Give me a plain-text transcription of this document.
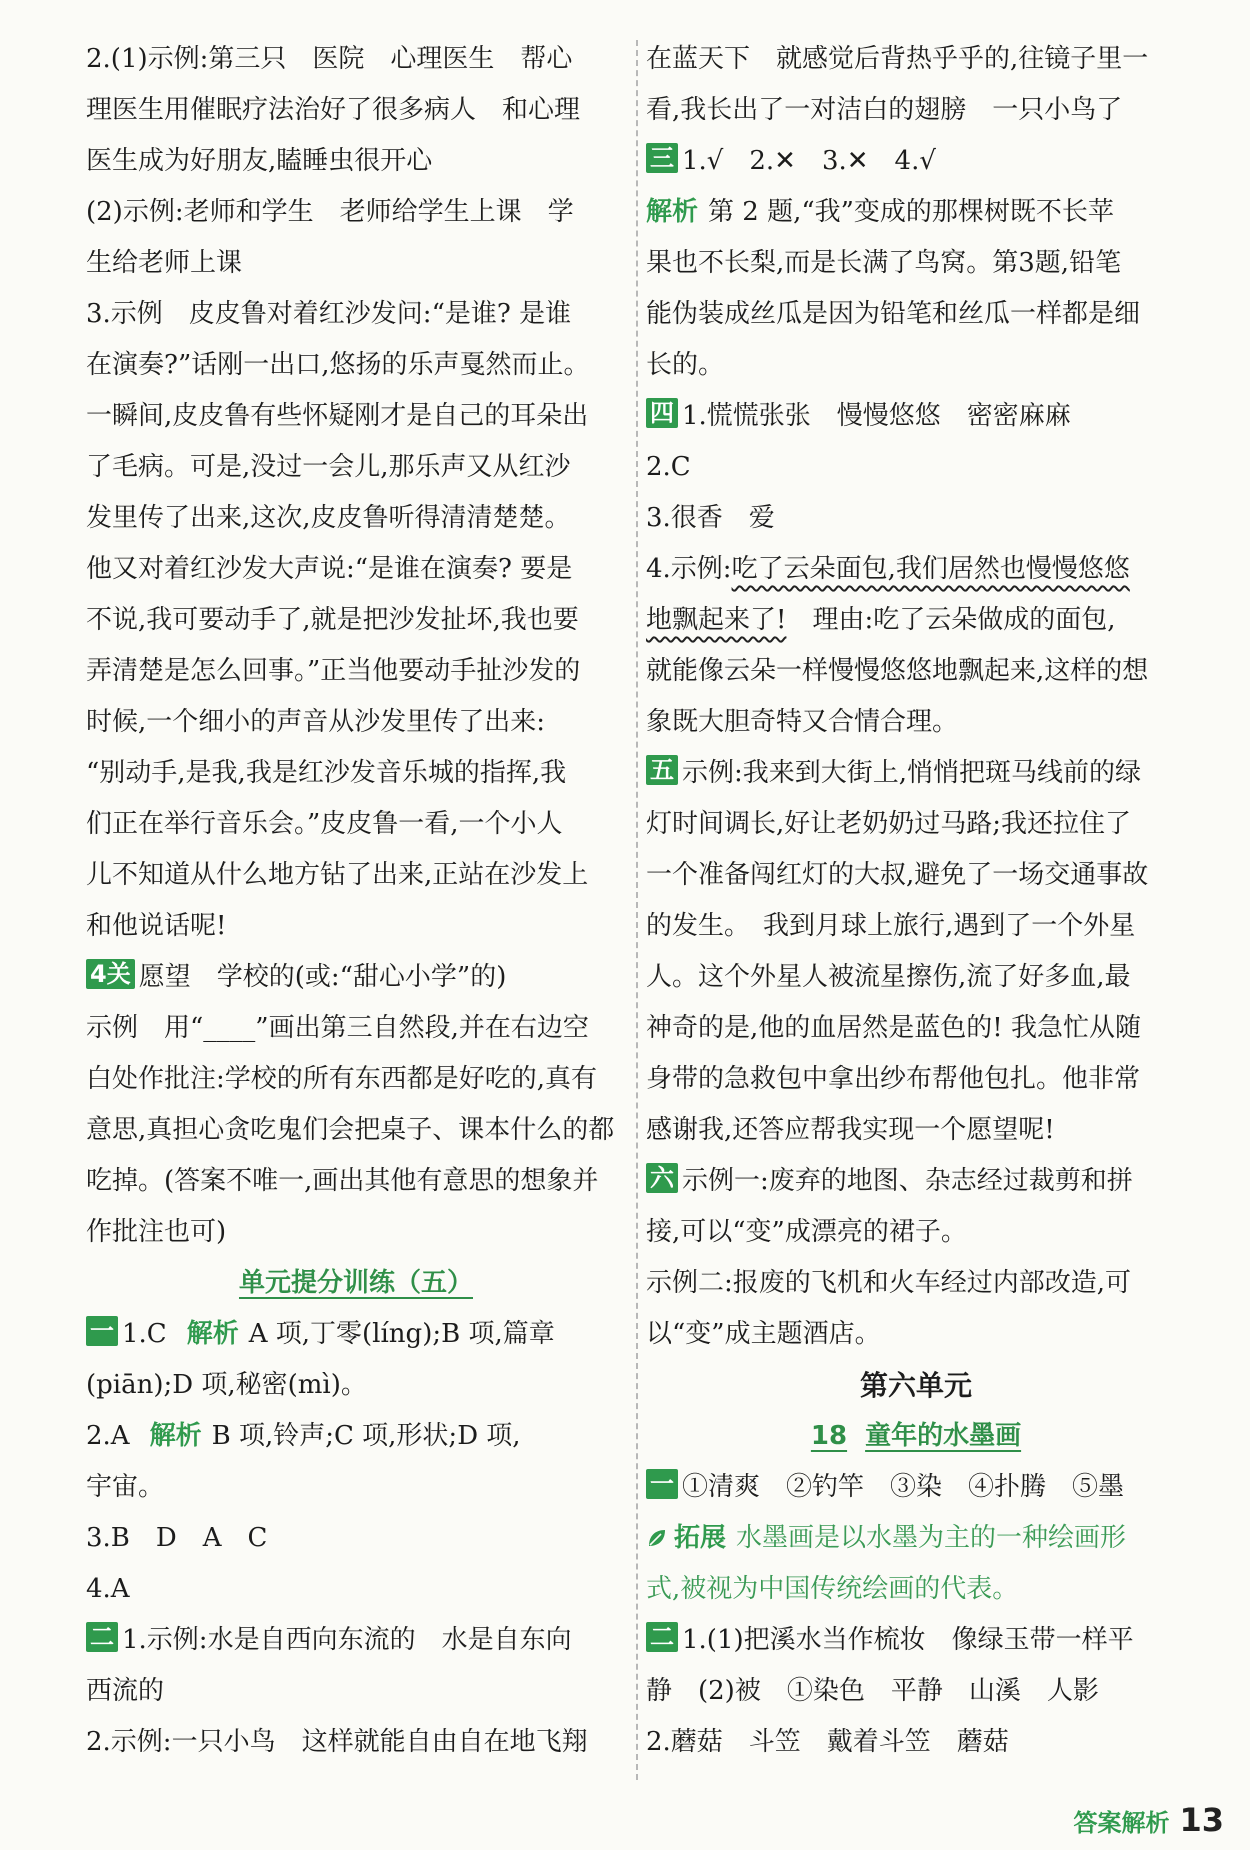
2.(1)示例:第三只　医院　心理医生　帮心
理医生用催眠疗法治好了很多病人　和心理
医生成为好朋友,瞌睡虫很开心
(2)示例:老师和学生　老师给学生上课　学
生给老师上课
3.示例　皮皮鲁对着红沙发问:“是谁? 是谁
在演奏?”话刚一出口,悠扬的乐声戛然而止。
一瞬间,皮皮鲁有些怀疑刚才是自己的耳朵出
了毛病。可是,没过一会儿,那乐声又从红沙
发里传了出来,这次,皮皮鲁听得清清楚楚。
他又对着红沙发大声说:“是谁在演奏? 要是
不说,我可要动手了,就是把沙发扯坏,我也要
弄清楚是怎么回事。”正当他要动手扯沙发的
时候,一个细小的声音从沙发里传了出来:
“别动手,是我,我是红沙发音乐城的指挥,我
们正在举行音乐会。”皮皮鲁一看,一个小人
儿不知道从什么地方钻了出来,正站在沙发上
和他说话呢!
4关 愿望　学校的(或:“甜心小学”的)
示例　用“____”画出第三自然段,并在右边空
白处作批注:学校的所有东西都是好吃的,真有
意思,真担心贪吃鬼们会把桌子、课本什么的都
吃掉。(答案不唯一,画出其他有意思的想象并
作批注也可)
单元提分训练（五）
一 1.C 解析 A 项,丁零(líng);B 项,篇章
(piān);D 项,秘密(mì)。
2.A 解析 B 项,铃声;C 项,形状;D 项,
宇宙。
3.B　D　A　C
4.A
二 1.示例:水是自西向东流的　水是自东向
西流的
2.示例:一只小鸟　这样就能自由自在地飞翔
在蓝天下　就感觉后背热乎乎的,往镜子里一
看,我长出了一对洁白的翅膀　一只小鸟了
三 1.√　2.✕　3.✕　4.√
解析 第 2 题,“我”变成的那棵树既不长苹
果也不长梨,而是长满了鸟窝。第3题,铅笔
能伪装成丝瓜是因为铅笔和丝瓜一样都是细
长的。
四 1.慌慌张张　慢慢悠悠　密密麻麻
2.C
3.很香　爱
4.示例:吃了云朵面包,我们居然也慢慢悠悠
地飘起来了!　理由:吃了云朵做成的面包,
就能像云朵一样慢慢悠悠地飘起来,这样的想
象既大胆奇特又合情合理。
五 示例:我来到大街上,悄悄把斑马线前的绿
灯时间调长,好让老奶奶过马路;我还拉住了
一个准备闯红灯的大叔,避免了一场交通事故
的发生。　我到月球上旅行,遇到了一个外星
人。这个外星人被流星擦伤,流了好多血,最
神奇的是,他的血居然是蓝色的! 我急忙从随
身带的急救包中拿出纱布帮他包扎。他非常
感谢我,还答应帮我实现一个愿望呢!
六 示例一:废弃的地图、杂志经过裁剪和拼
接,可以“变”成漂亮的裙子。
示例二:报废的飞机和火车经过内部改造,可
以“变”成主题酒店。
第六单元
18 童年的水墨画
一 ①清爽　②钓竿　③染　④扑腾　⑤墨
拓展 水墨画是以水墨为主的一种绘画形
式,被视为中国传统绘画的代表。
二 1.(1)把溪水当作梳妆　像绿玉带一样平
静　(2)被　①染色　平静　山溪　人影
2.蘑菇　斗笠　戴着斗笠　蘑菇
答案解析 13
